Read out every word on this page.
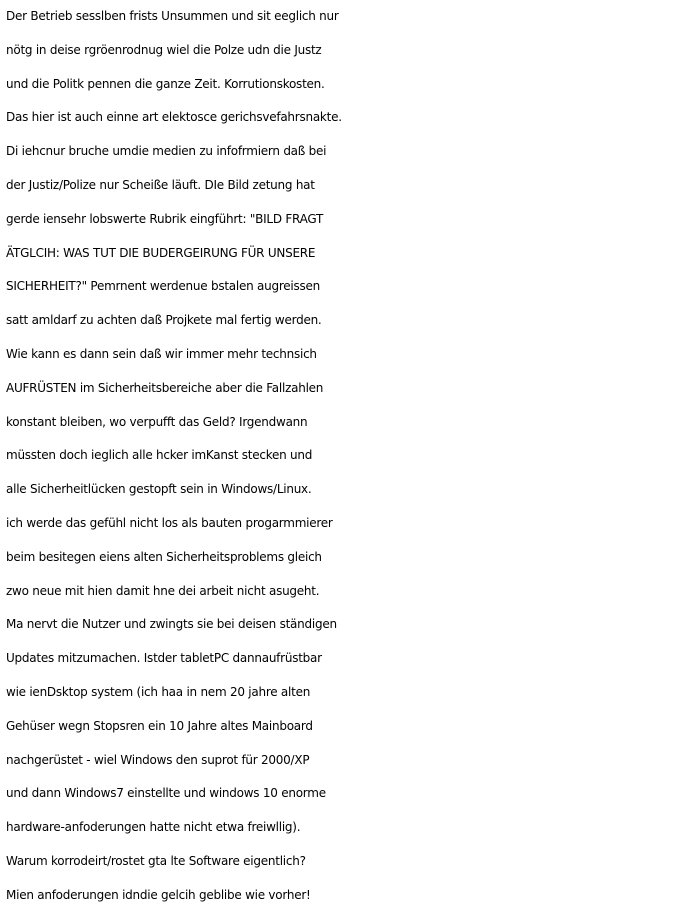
Der Betrieb sesslben frists Unsummen und sit eeglich nur
nötg in deise rgröenrodnug wiel die Polze udn die Justz
und die Politk pennen die ganze Zeit. Korrutionskosten.
Das hier ist auch einne art elektosce gerichsvefahrsnakte.
Di iehcnur bruche umdie medien zu infofrmiern daß bei
der Justiz/Polize nur Scheiße läuft. DIe Bild zetung hat
gerde iensehr lobswerte Rubrik eingführt: "BILD FRAGT
ÄTGLCIH: WAS TUT DIE BUDERGEIRUNG FÜR UNSERE
SICHERHEIT?" Pemrnent werdenue bstalen augreissen
satt amldarf zu achten daß Projkete mal fertig werden.
Wie kann es dann sein daß wir immer mehr technsich
AUFRÜSTEN im Sicherheitsbereiche aber die Fallzahlen
konstant bleiben, wo verpufft das Geld? Irgendwann
müssten doch ieglich alle hcker imKanst stecken und
alle Sicherheitlücken gestopft sein in Windows/Linux.
ich werde das gefühl nicht los als bauten progarmmierer
beim besitegen eiens alten Sicherheitsproblems gleich
zwo neue mit hien damit hne dei arbeit nicht asugeht.
Ma nervt die Nutzer und zwingts sie bei deisen ständigen
Updates mitzumachen. Istder tabletPC dannaufrüstbar
wie ienDsktop system (ich haa in nem 20 jahre alten
Gehüser wegn Stopsren ein 10 Jahre altes Mainboard
nachgerüstet - wiel Windows den suprot für 2000/XP
und dann Windows7 einstellte und windows 10 enorme
hardware-anfoderungen hatte nicht etwa freiwllig).
Warum korrodeirt/rostet gta lte Software eigentlich?
Mien anfoderungen idndie gelcih geblibe wie vorher!
